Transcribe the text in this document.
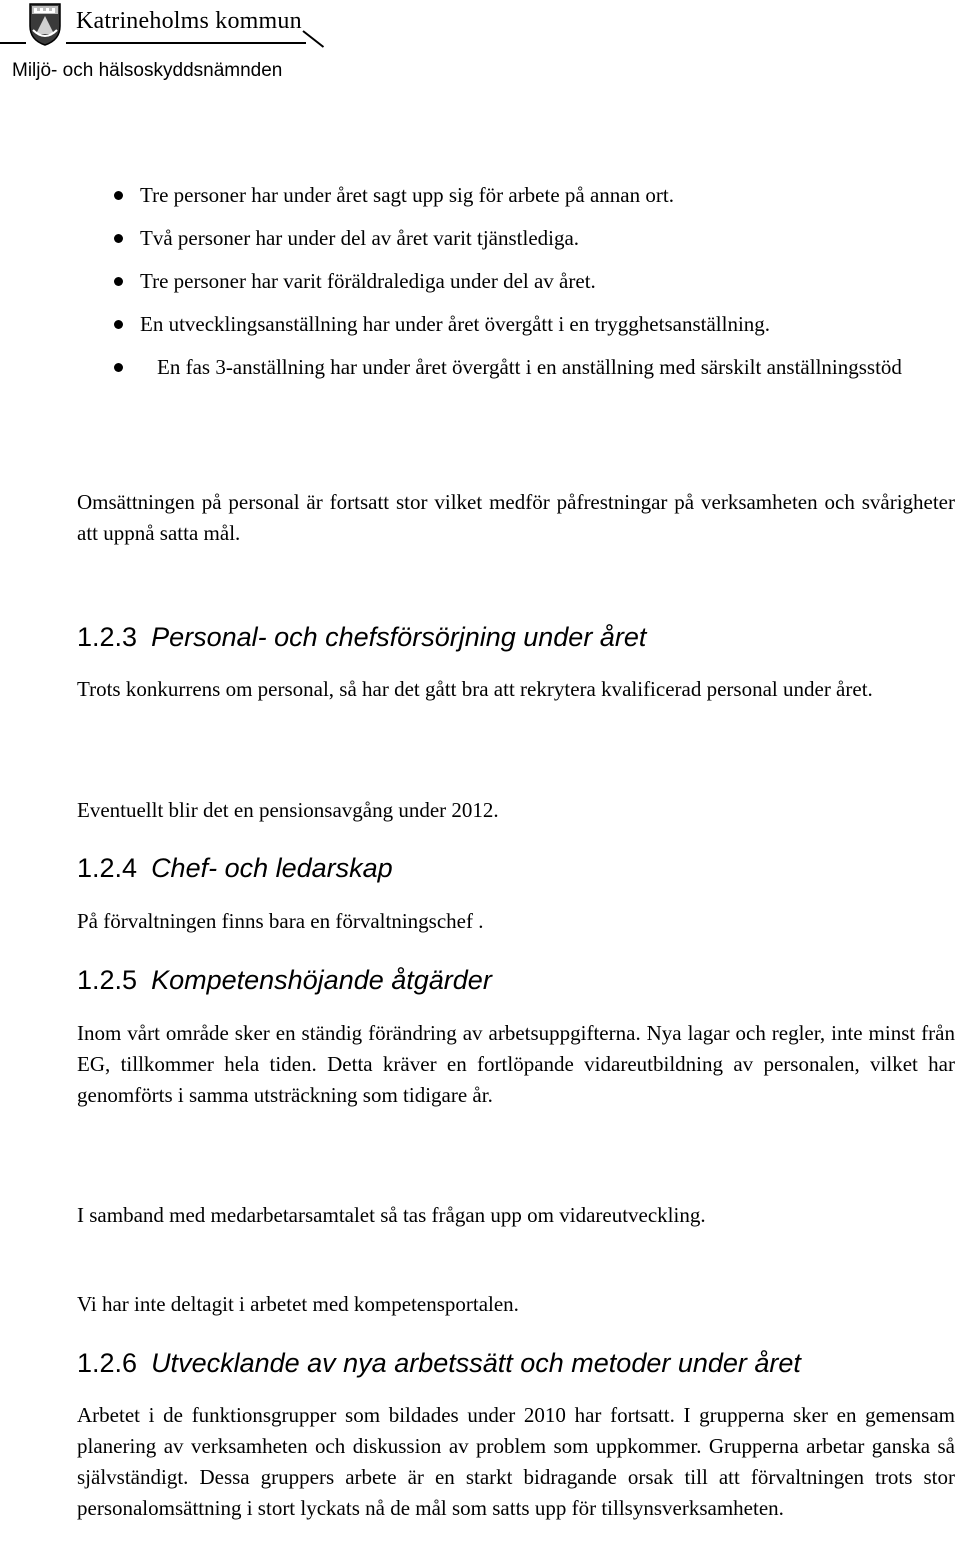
Katrineholms kommun
Miljö- och hälsoskyddsnämnden
Tre personer har under året sagt upp sig för arbete på annan ort.
Två personer har under del av året varit tjänstlediga.
Tre personer har varit föräldralediga under del av året.
En utvecklingsanställning har under året övergått i en trygghetsanställning.
En fas 3-anställning har under året övergått i en anställning med särskilt anställningsstöd

Omsättningen på personal är fortsatt stor vilket medför påfrestningar på verksamheten och svårigheter att uppnå satta mål.

1.2.3 Personal- och chefsförsörjning under året

Trots konkurrens om personal, så har det gått bra att rekrytera kvalificerad personal under året.

Eventuellt blir det en pensionsavgång under 2012.

1.2.4 Chef- och ledarskap

På förvaltningen finns bara en förvaltningschef .

1.2.5 Kompetenshöjande åtgärder

Inom vårt område sker en ständig förändring av arbetsuppgifterna. Nya lagar och regler, inte minst från EG, tillkommer hela tiden. Detta kräver en fortlöpande vidareutbildning av personalen, vilket har genomförts i samma utsträckning som tidigare år.

I samband med medarbetarsamtalet så tas frågan upp om vidareutveckling.

Vi har inte deltagit i arbetet med kompetensportalen.

1.2.6 Utvecklande av nya arbetssätt och metoder under året

Arbetet i de funktionsgrupper som bildades under 2010 har fortsatt. I grupperna sker en gemensam planering av verksamheten och diskussion av problem som uppkommer. Grupperna arbetar ganska så självständigt. Dessa gruppers arbete är en starkt bidragande orsak till att förvaltningen trots stor personalomsättning i stort lyckats nå de mål som satts upp för tillsynsverksamheten.
